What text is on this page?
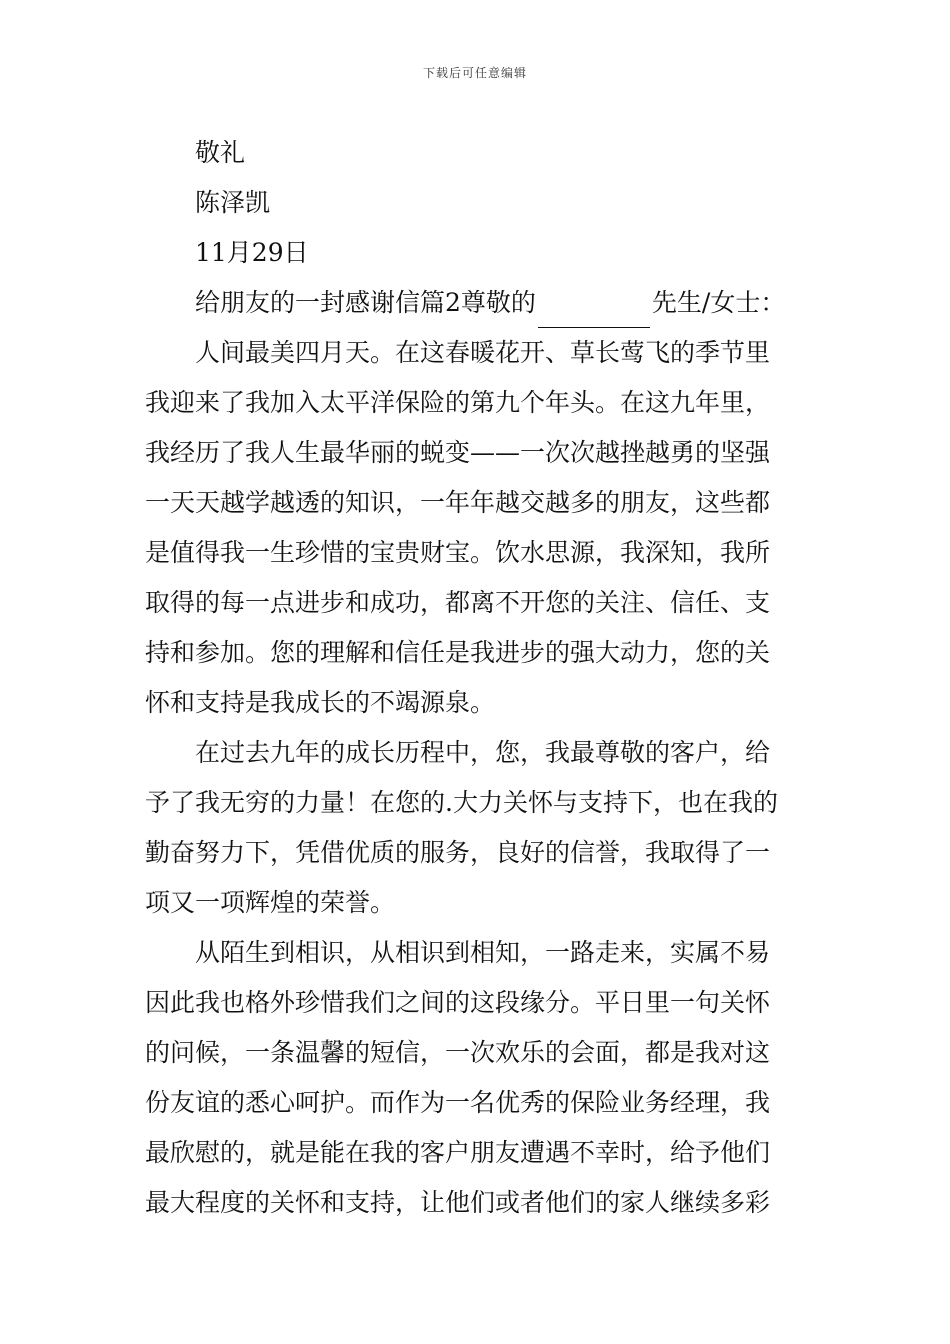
下载后可任意编辑
敬礼
陈泽凯
11月29日
给朋友的一封感谢信篇2尊敬的	先生/女士：
人间最美四月天。在这春暖花开、草长莺飞的季节里
我迎来了我加入太平洋保险的第九个年头。在这九年里，
我经历了我人生最华丽的蜕变——一次次越挫越勇的坚强
一天天越学越透的知识，一年年越交越多的朋友，这些都
是值得我一生珍惜的宝贵财宝。饮水思源，我深知，我所
取得的每一点进步和成功，都离不开您的关注、信任、支
持和参加。您的理解和信任是我进步的强大动力，您的关
怀和支持是我成长的不竭源泉。
在过去九年的成长历程中，您，我最尊敬的客户，给
予了我无穷的力量！在您的.大力关怀与支持下，也在我的
勤奋努力下，凭借优质的服务，良好的信誉，我取得了一
项又一项辉煌的荣誉。
从陌生到相识，从相识到相知，一路走来，实属不易
因此我也格外珍惜我们之间的这段缘分。平日里一句关怀
的问候，一条温馨的短信，一次欢乐的会面，都是我对这
份友谊的悉心呵护。而作为一名优秀的保险业务经理，我
最欣慰的，就是能在我的客户朋友遭遇不幸时，给予他们
最大程度的关怀和支持，让他们或者他们的家人继续多彩
